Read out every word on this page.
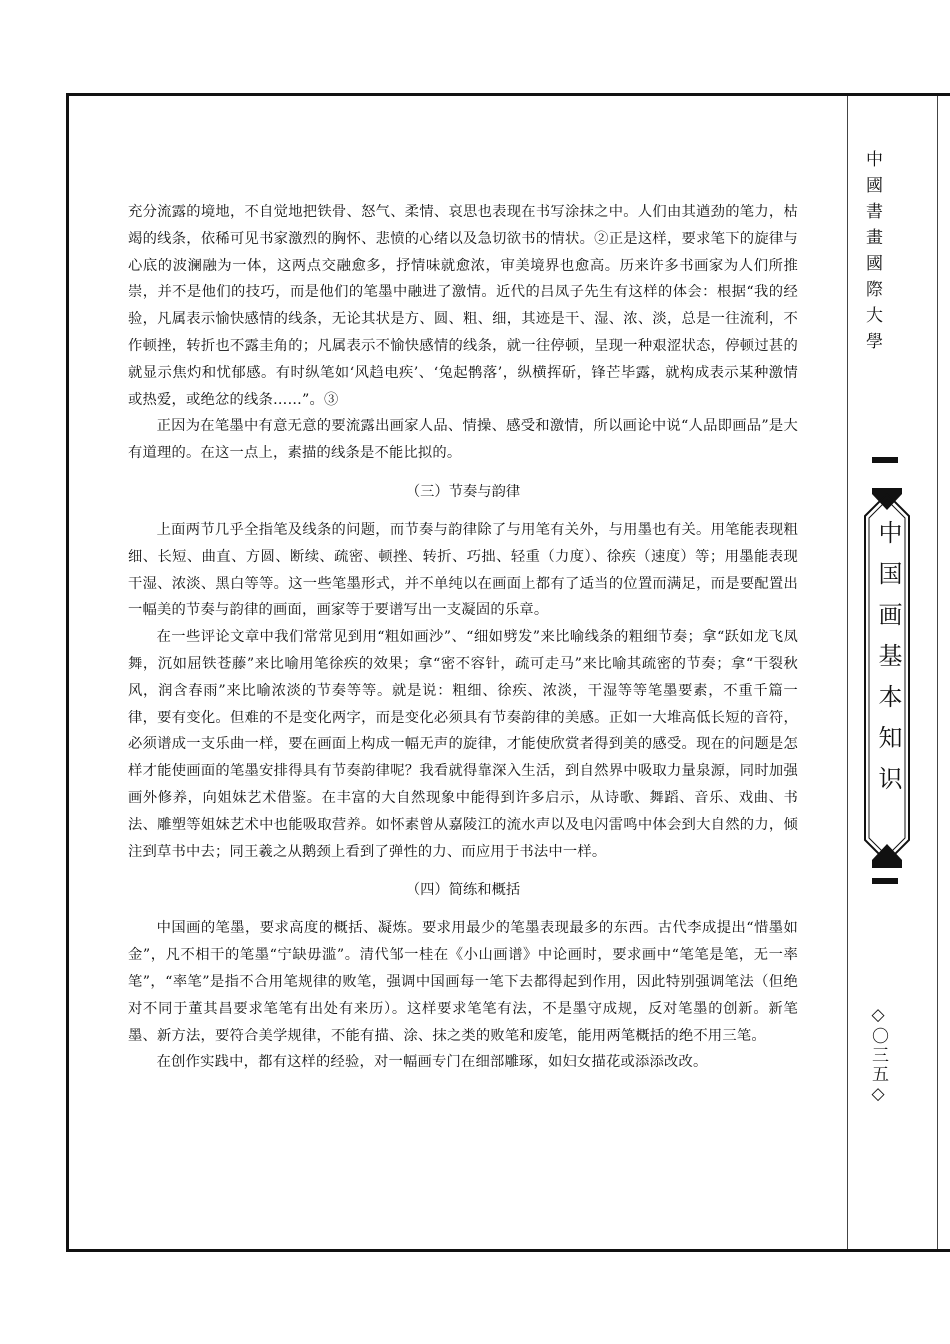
中國書畫國際大學
中国画基本知识
◇〇三五◇

充分流露的境地，不自觉地把铁骨、怒气、柔情、哀思也表现在书写涂抹之中。人们由其遒劲的笔力，枯竭的线条，依稀可见书家激烈的胸怀、悲愤的心绪以及急切欲书的情状。②正是这样，要求笔下的旋律与心底的波澜融为一体，这两点交融愈多，抒情味就愈浓，审美境界也愈高。历来许多书画家为人们所推崇，并不是他们的技巧，而是他们的笔墨中融进了激情。近代的吕凤子先生有这样的体会：根据“我的经验，凡属表示愉快感情的线条，无论其状是方、圆、粗、细，其迹是干、湿、浓、淡，总是一往流利，不作顿挫，转折也不露圭角的；凡属表示不愉快感情的线条，就一往停顿，呈现一种艰涩状态，停顿过甚的就显示焦灼和忧郁感。有时纵笔如‘风趋电疾’、‘兔起鹘落’，纵横挥斫，锋芒毕露，就构成表示某种激情或热爱，或绝忿的线条……”。③

正因为在笔墨中有意无意的要流露出画家人品、情操、感受和激情，所以画论中说“人品即画品”是大有道理的。在这一点上，素描的线条是不能比拟的。

（三）节奏与韵律

上面两节几乎全指笔及线条的问题，而节奏与韵律除了与用笔有关外，与用墨也有关。用笔能表现粗细、长短、曲直、方圆、断续、疏密、顿挫、转折、巧拙、轻重（力度）、徐疾（速度）等；用墨能表现干湿、浓淡、黑白等等。这一些笔墨形式，并不单纯以在画面上都有了适当的位置而满足，而是要配置出一幅美的节奏与韵律的画面，画家等于要谱写出一支凝固的乐章。

在一些评论文章中我们常常见到用“粗如画沙”、“细如劈发”来比喻线条的粗细节奏；拿“跃如龙飞凤舞，沉如屈铁苍藤”来比喻用笔徐疾的效果；拿“密不容针，疏可走马”来比喻其疏密的节奏；拿“干裂秋风，润含春雨”来比喻浓淡的节奏等等。就是说：粗细、徐疾、浓淡，干湿等等笔墨要素，不重千篇一律，要有变化。但难的不是变化两字，而是变化必须具有节奏韵律的美感。正如一大堆高低长短的音符，必须谱成一支乐曲一样，要在画面上构成一幅无声的旋律，才能使欣赏者得到美的感受。现在的问题是怎样才能使画面的笔墨安排得具有节奏韵律呢？我看就得靠深入生活，到自然界中吸取力量泉源，同时加强画外修养，向姐妹艺术借鉴。在丰富的大自然现象中能得到许多启示，从诗歌、舞蹈、音乐、戏曲、书法、雕塑等姐妹艺术中也能吸取营养。如怀素曾从嘉陵江的流水声以及电闪雷鸣中体会到大自然的力，倾注到草书中去；同王羲之从鹅颈上看到了弹性的力、而应用于书法中一样。

（四）简练和概括

中国画的笔墨，要求高度的概括、凝炼。要求用最少的笔墨表现最多的东西。古代李成提出“惜墨如金”，凡不相干的笔墨“宁缺毋滥”。清代邹一桂在《小山画谱》中论画时，要求画中“笔笔是笔，无一率笔”，“率笔”是指不合用笔规律的败笔，强调中国画每一笔下去都得起到作用，因此特别强调笔法（但绝对不同于董其昌要求笔笔有出处有来历）。这样要求笔笔有法，不是墨守成规，反对笔墨的创新。新笔墨、新方法，要符合美学规律，不能有描、涂、抹之类的败笔和废笔，能用两笔概括的绝不用三笔。

在创作实践中，都有这样的经验，对一幅画专门在细部雕琢，如妇女描花或添添改改。
